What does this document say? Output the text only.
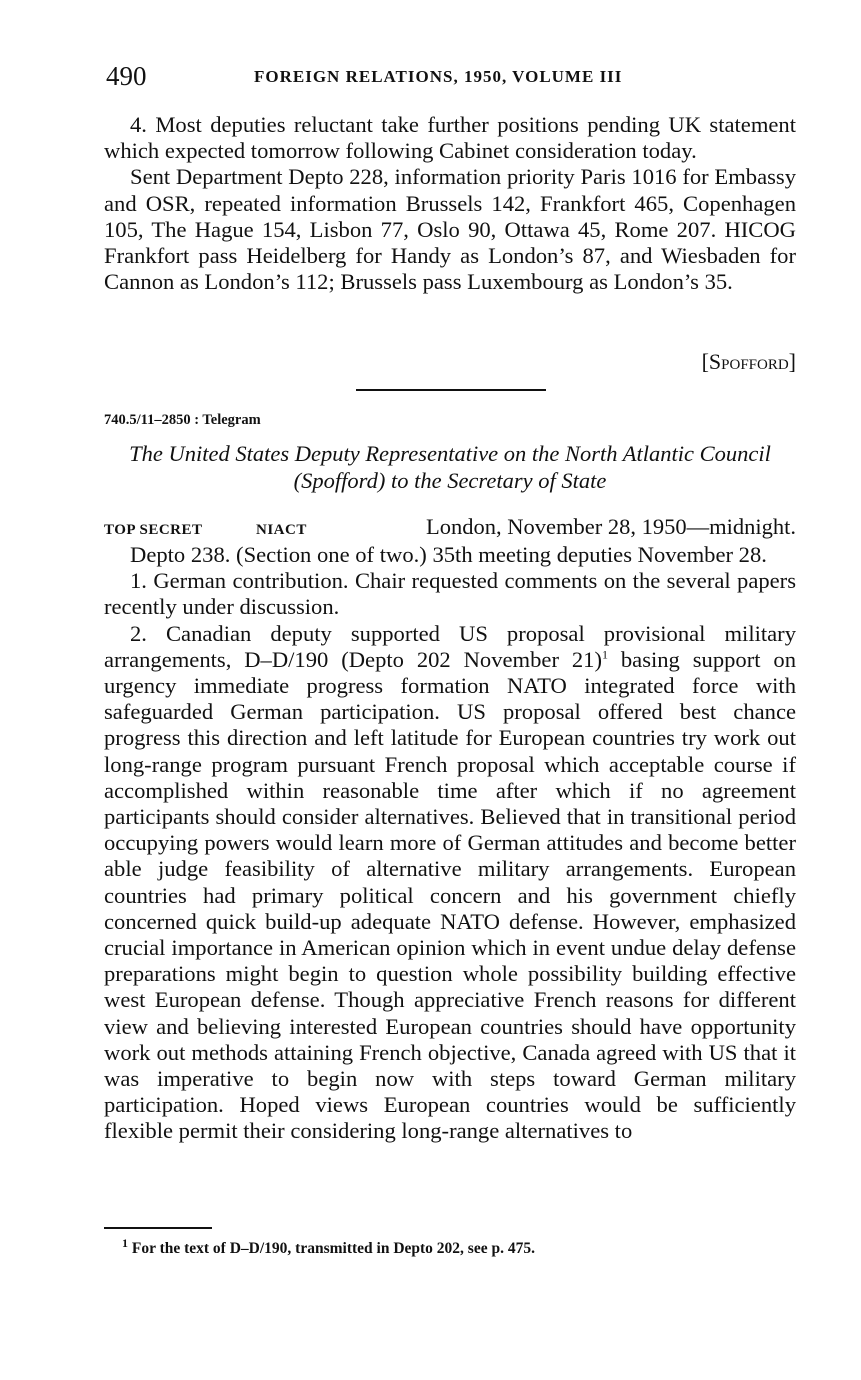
490	FOREIGN RELATIONS, 1950, VOLUME III

4. Most deputies reluctant take further positions pending UK statement which expected tomorrow following Cabinet consideration today.

Sent Department Depto 228, information priority Paris 1016 for Embassy and OSR, repeated information Brussels 142, Frankfort 465, Copenhagen 105, The Hague 154, Lisbon 77, Oslo 90, Ottawa 45, Rome 207. HICOG Frankfort pass Heidelberg for Handy as London’s 87, and Wiesbaden for Cannon as London’s 112; Brussels pass Luxembourg as London’s 35.

[Spofford]
740.5/11–2850 : Telegram
The United States Deputy Representative on the North Atlantic Council (Spofford) to the Secretary of State
TOP SECRET	NIACT	London, November 28, 1950—midnight.

Depto 238. (Section one of two.) 35th meeting deputies November 28.

1. German contribution. Chair requested comments on the several papers recently under discussion.

2. Canadian deputy supported US proposal provisional military arrangements, D–D/190 (Depto 202 November 21)$^1$ basing support on urgency immediate progress formation NATO integrated force with safeguarded German participation. US proposal offered best chance progress this direction and left latitude for European countries try work out long-range program pursuant French proposal which acceptable course if accomplished within reasonable time after which if no agreement participants should consider alternatives. Believed that in transitional period occupying powers would learn more of German attitudes and become better able judge feasibility of alternative military arrangements. European countries had primary political concern and his government chiefly concerned quick build-up adequate NATO defense. However, emphasized crucial importance in American opinion which in event undue delay defense preparations might begin to question whole possibility building effective west European defense. Though appreciative French reasons for different view and believing interested European countries should have opportunity work out methods attaining French objective, Canada agreed with US that it was imperative to begin now with steps toward German military participation. Hoped views European countries would be sufficiently flexible permit their considering long-range alternatives to

$^1$ For the text of D–D/190, transmitted in Depto 202, see p. 475.
